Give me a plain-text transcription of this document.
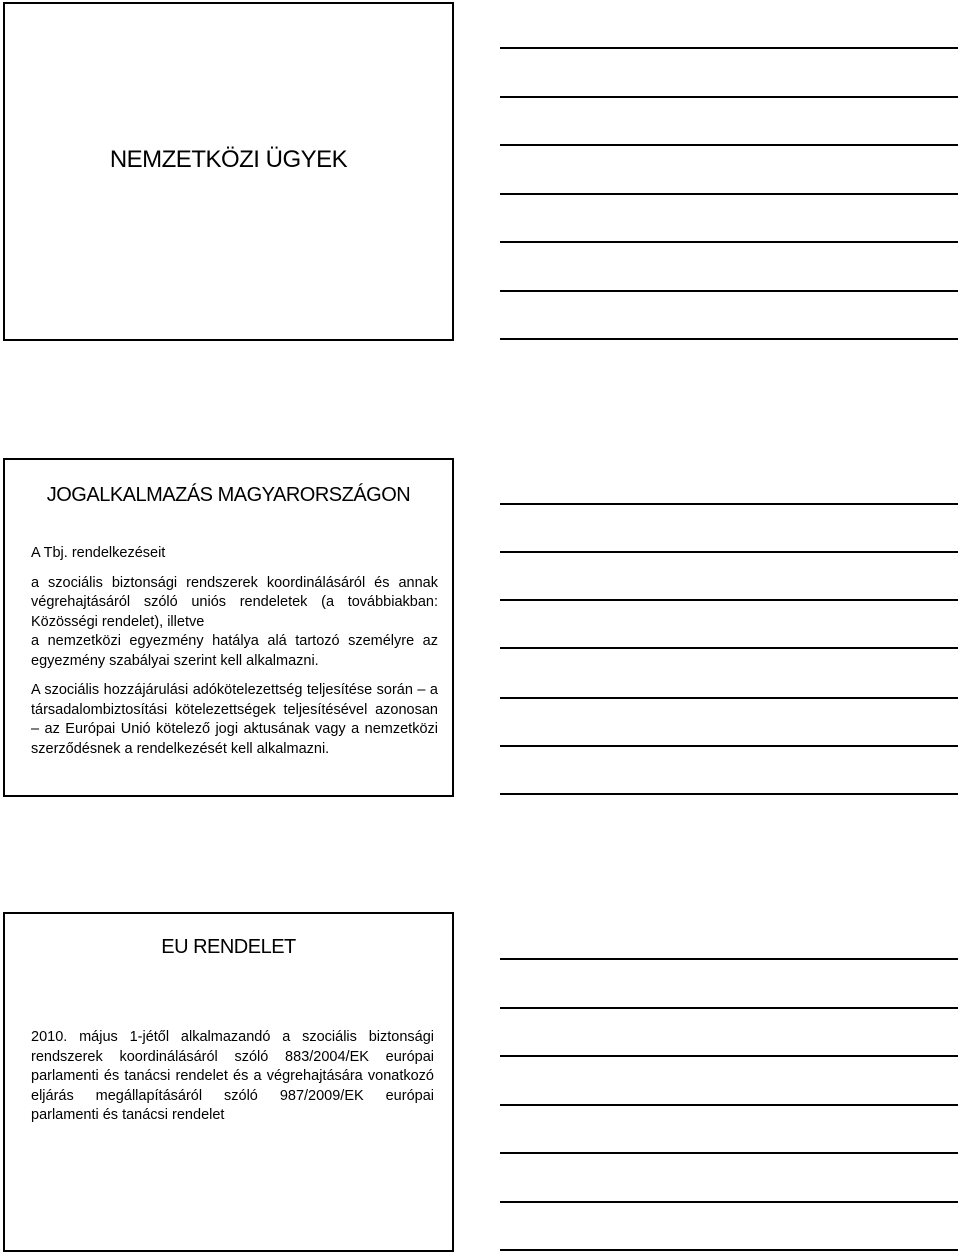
NEMZETKÖZI ÜGYEK
JOGALKALMAZÁS MAGYARORSZÁGON

A Tbj. rendelkezéseit

a szociális biztonsági rendszerek koordinálásáról és annak végrehajtásáról szóló uniós rendeletek (a továbbiakban: Közösségi rendelet), illetve

a nemzetközi egyezmény hatálya alá tartozó személyre az egyezmény szabályai szerint kell alkalmazni.

A szociális hozzájárulási adókötelezettség teljesítése során – a társadalombiztosítási kötelezettségek teljesítésével azonosan – az Európai Unió kötelező jogi aktusának vagy a nemzetközi szerződésnek a rendelkezését kell alkalmazni.

EU RENDELET

2010. május 1-jétől alkalmazandó a szociális biztonsági rendszerek koordinálásáról szóló 883/2004/EK európai parlamenti és tanácsi rendelet és a végrehajtására vonatkozó eljárás megállapításáról szóló 987/2009/EK európai parlamenti és tanácsi rendelet
